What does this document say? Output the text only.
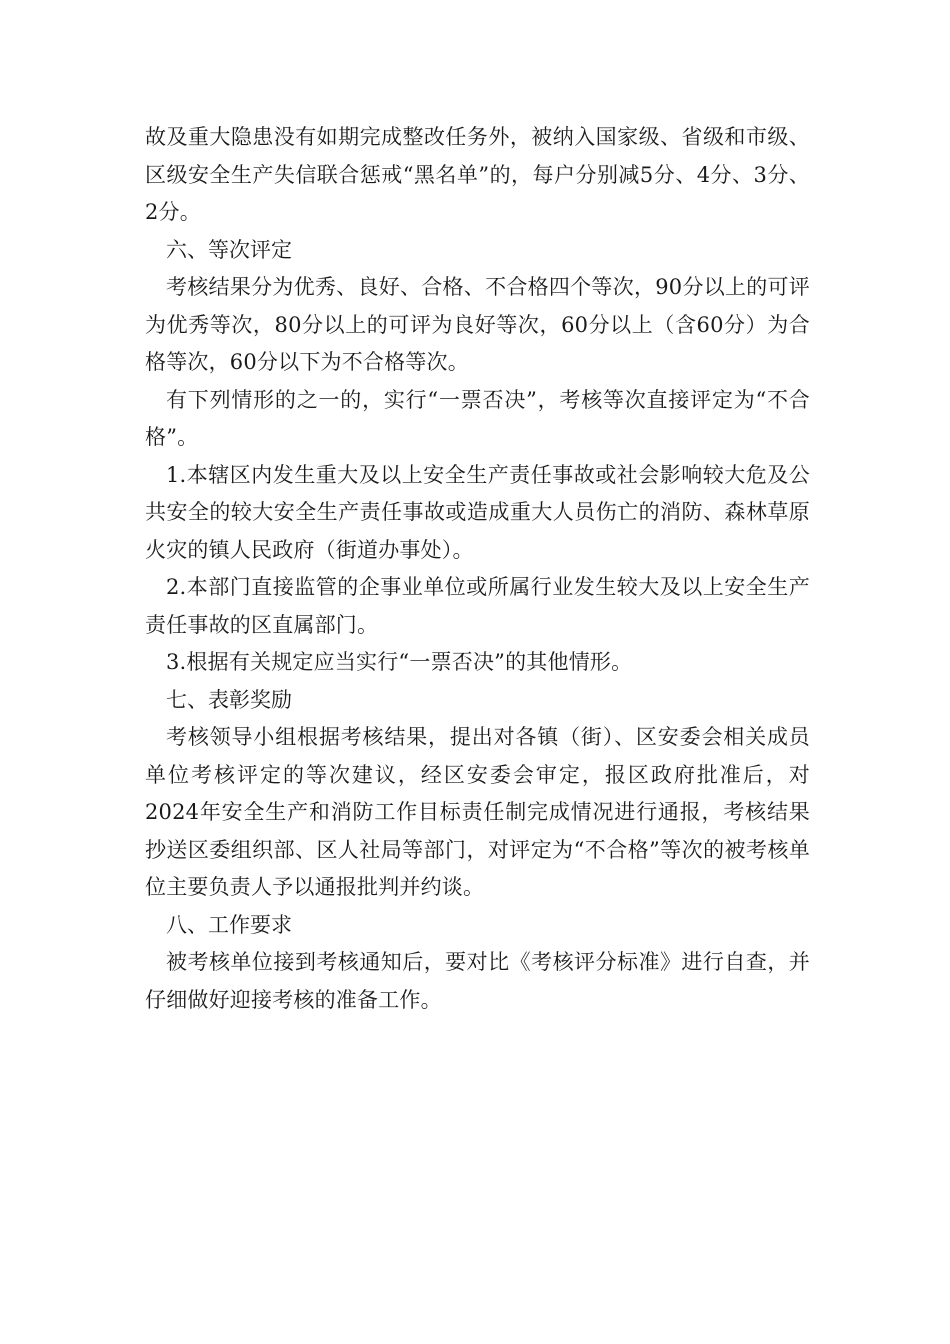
故及重大隐患没有如期完成整改任务外，被纳入国家级、省级和市级、区级安全生产失信联合惩戒“黑名单”的，每户分别减5分、4分、3分、2分。

六、等次评定

考核结果分为优秀、良好、合格、不合格四个等次，90分以上的可评为优秀等次，80分以上的可评为良好等次，60分以上（含60分）为合格等次，60分以下为不合格等次。

有下列情形的之一的，实行“一票否决”，考核等次直接评定为“不合格”。

1.本辖区内发生重大及以上安全生产责任事故或社会影响较大危及公共安全的较大安全生产责任事故或造成重大人员伤亡的消防、森林草原火灾的镇人民政府（街道办事处）。

2.本部门直接监管的企事业单位或所属行业发生较大及以上安全生产责任事故的区直属部门。

3.根据有关规定应当实行“一票否决”的其他情形。

七、表彰奖励

考核领导小组根据考核结果，提出对各镇（街）、区安委会相关成员单位考核评定的等次建议，经区安委会审定，报区政府批准后，对2024年安全生产和消防工作目标责任制完成情况进行通报，考核结果抄送区委组织部、区人社局等部门，对评定为“不合格”等次的被考核单位主要负责人予以通报批判并约谈。

八、工作要求

被考核单位接到考核通知后，要对比《考核评分标准》进行自查，并仔细做好迎接考核的准备工作。
